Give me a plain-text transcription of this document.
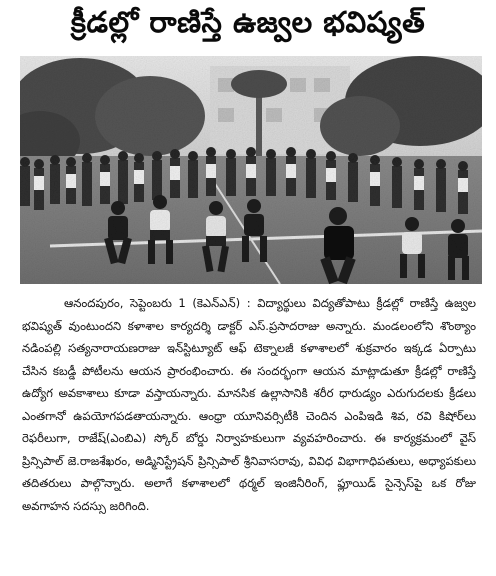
క్రీడల్లో రాణిస్తే ఉజ్వల భవిష్యత్
ఆనందపురం, సెప్టెంబరు 1 (కెఎన్ఎన్) : విద్యార్థులు విద్యతోపాటు క్రీడల్లో రాణిస్తే ఉజ్వల భవిష్యత్ వుంటుందని కళాశాల కార్యదర్శి డాక్టర్ ఎస్.ప్రసాదరాజు అన్నారు. మండలంలోని శొంఠ్యాం నడింపల్లి సత్యనారాయణరాజు ఇన్‌స్టిట్యూట్ ఆఫ్ టెక్నాలజీ కళాశాలలో శుక్రవారం ఇక్కడ ఏర్పాటు చేసిన కబడ్డీ పోటీలను ఆయన ప్రారంభించారు. ఈ సందర్భంగా ఆయన మాట్లాడుతూ క్రీడల్లో రాణిస్తే ఉద్యోగ అవకాశాలు కూడా వస్తాయన్నారు. మానసిక ఉల్లాసానికి శరీర ధారుడ్యం ఎరుగుదలకు క్రీడలు ఎంతగానో ఉపయోగపడతాయన్నారు. ఆంధ్రా యూనివర్సిటీకి చెందిన ఎంపిఇడి శివ, రవి కిషోర్‌లు రెఫరీలుగా, రాజేష్(ఎంబిఎ) స్కోర్ బోర్డు నిర్వాహకులుగా వ్యవహరించారు. ఈ కార్యక్రమంలో వైస్ ప్రిన్సిపాల్ జె.రాజశేఖరం, అడ్మినిస్ట్రేషన్ ప్రిన్సిపాల్ శ్రీనివాసరావు, వివిధ విభాగాధిపతులు, అధ్యాపకులు తదితరులు పాల్గొన్నారు. అలాగే కళాశాలలో థర్మల్ ఇంజినీరింగ్, ఫ్లూయిడ్ సైన్సెస్‌పై ఒక రోజు అవగాహన సదస్సు జరిగింది.
